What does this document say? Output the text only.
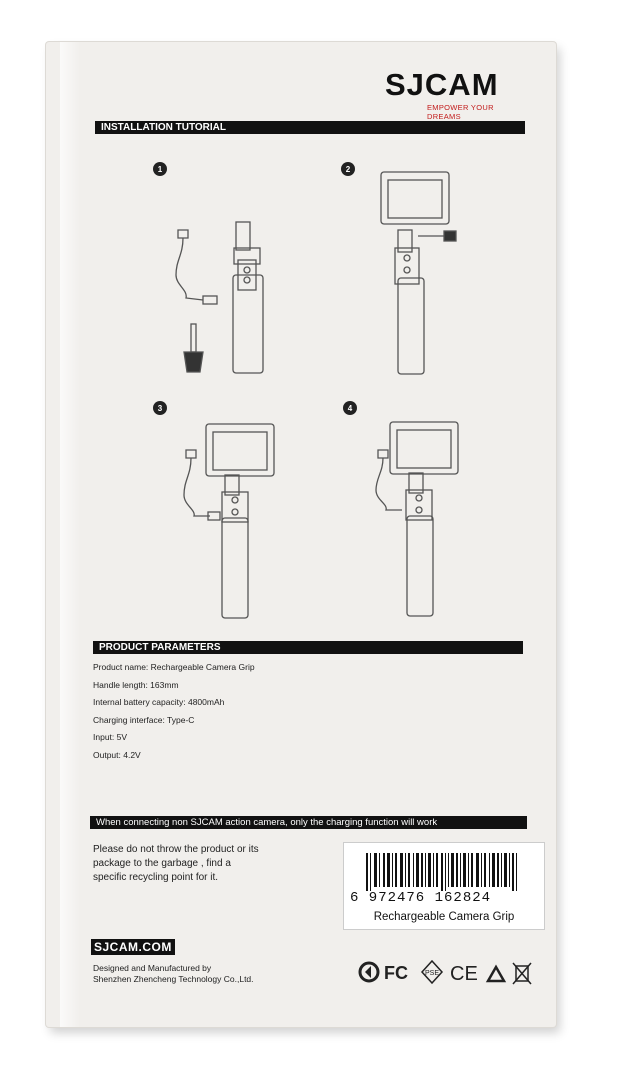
SJCAM
EMPOWER YOUR DREAMS
INSTALLATION TUTORIAL
PRODUCT PARAMETERS
When connecting non SJCAM action camera, only the charging function will work
1	2
3	4
Product name: Rechargeable Camera Grip
Handle length: 163mm
Internal battery capacity: 4800mAh
Charging interface: Type-C
Input: 5V
Output: 4.2V
Please do not throw the product or its
package to the garbage , find a
specific recycling point for it.
6 972476 162824
Rechargeable Camera Grip
SJCAM.COM
Designed and Manufactured by
Shenzhen Zhencheng Technology Co.,Ltd.	FC PSE CE
